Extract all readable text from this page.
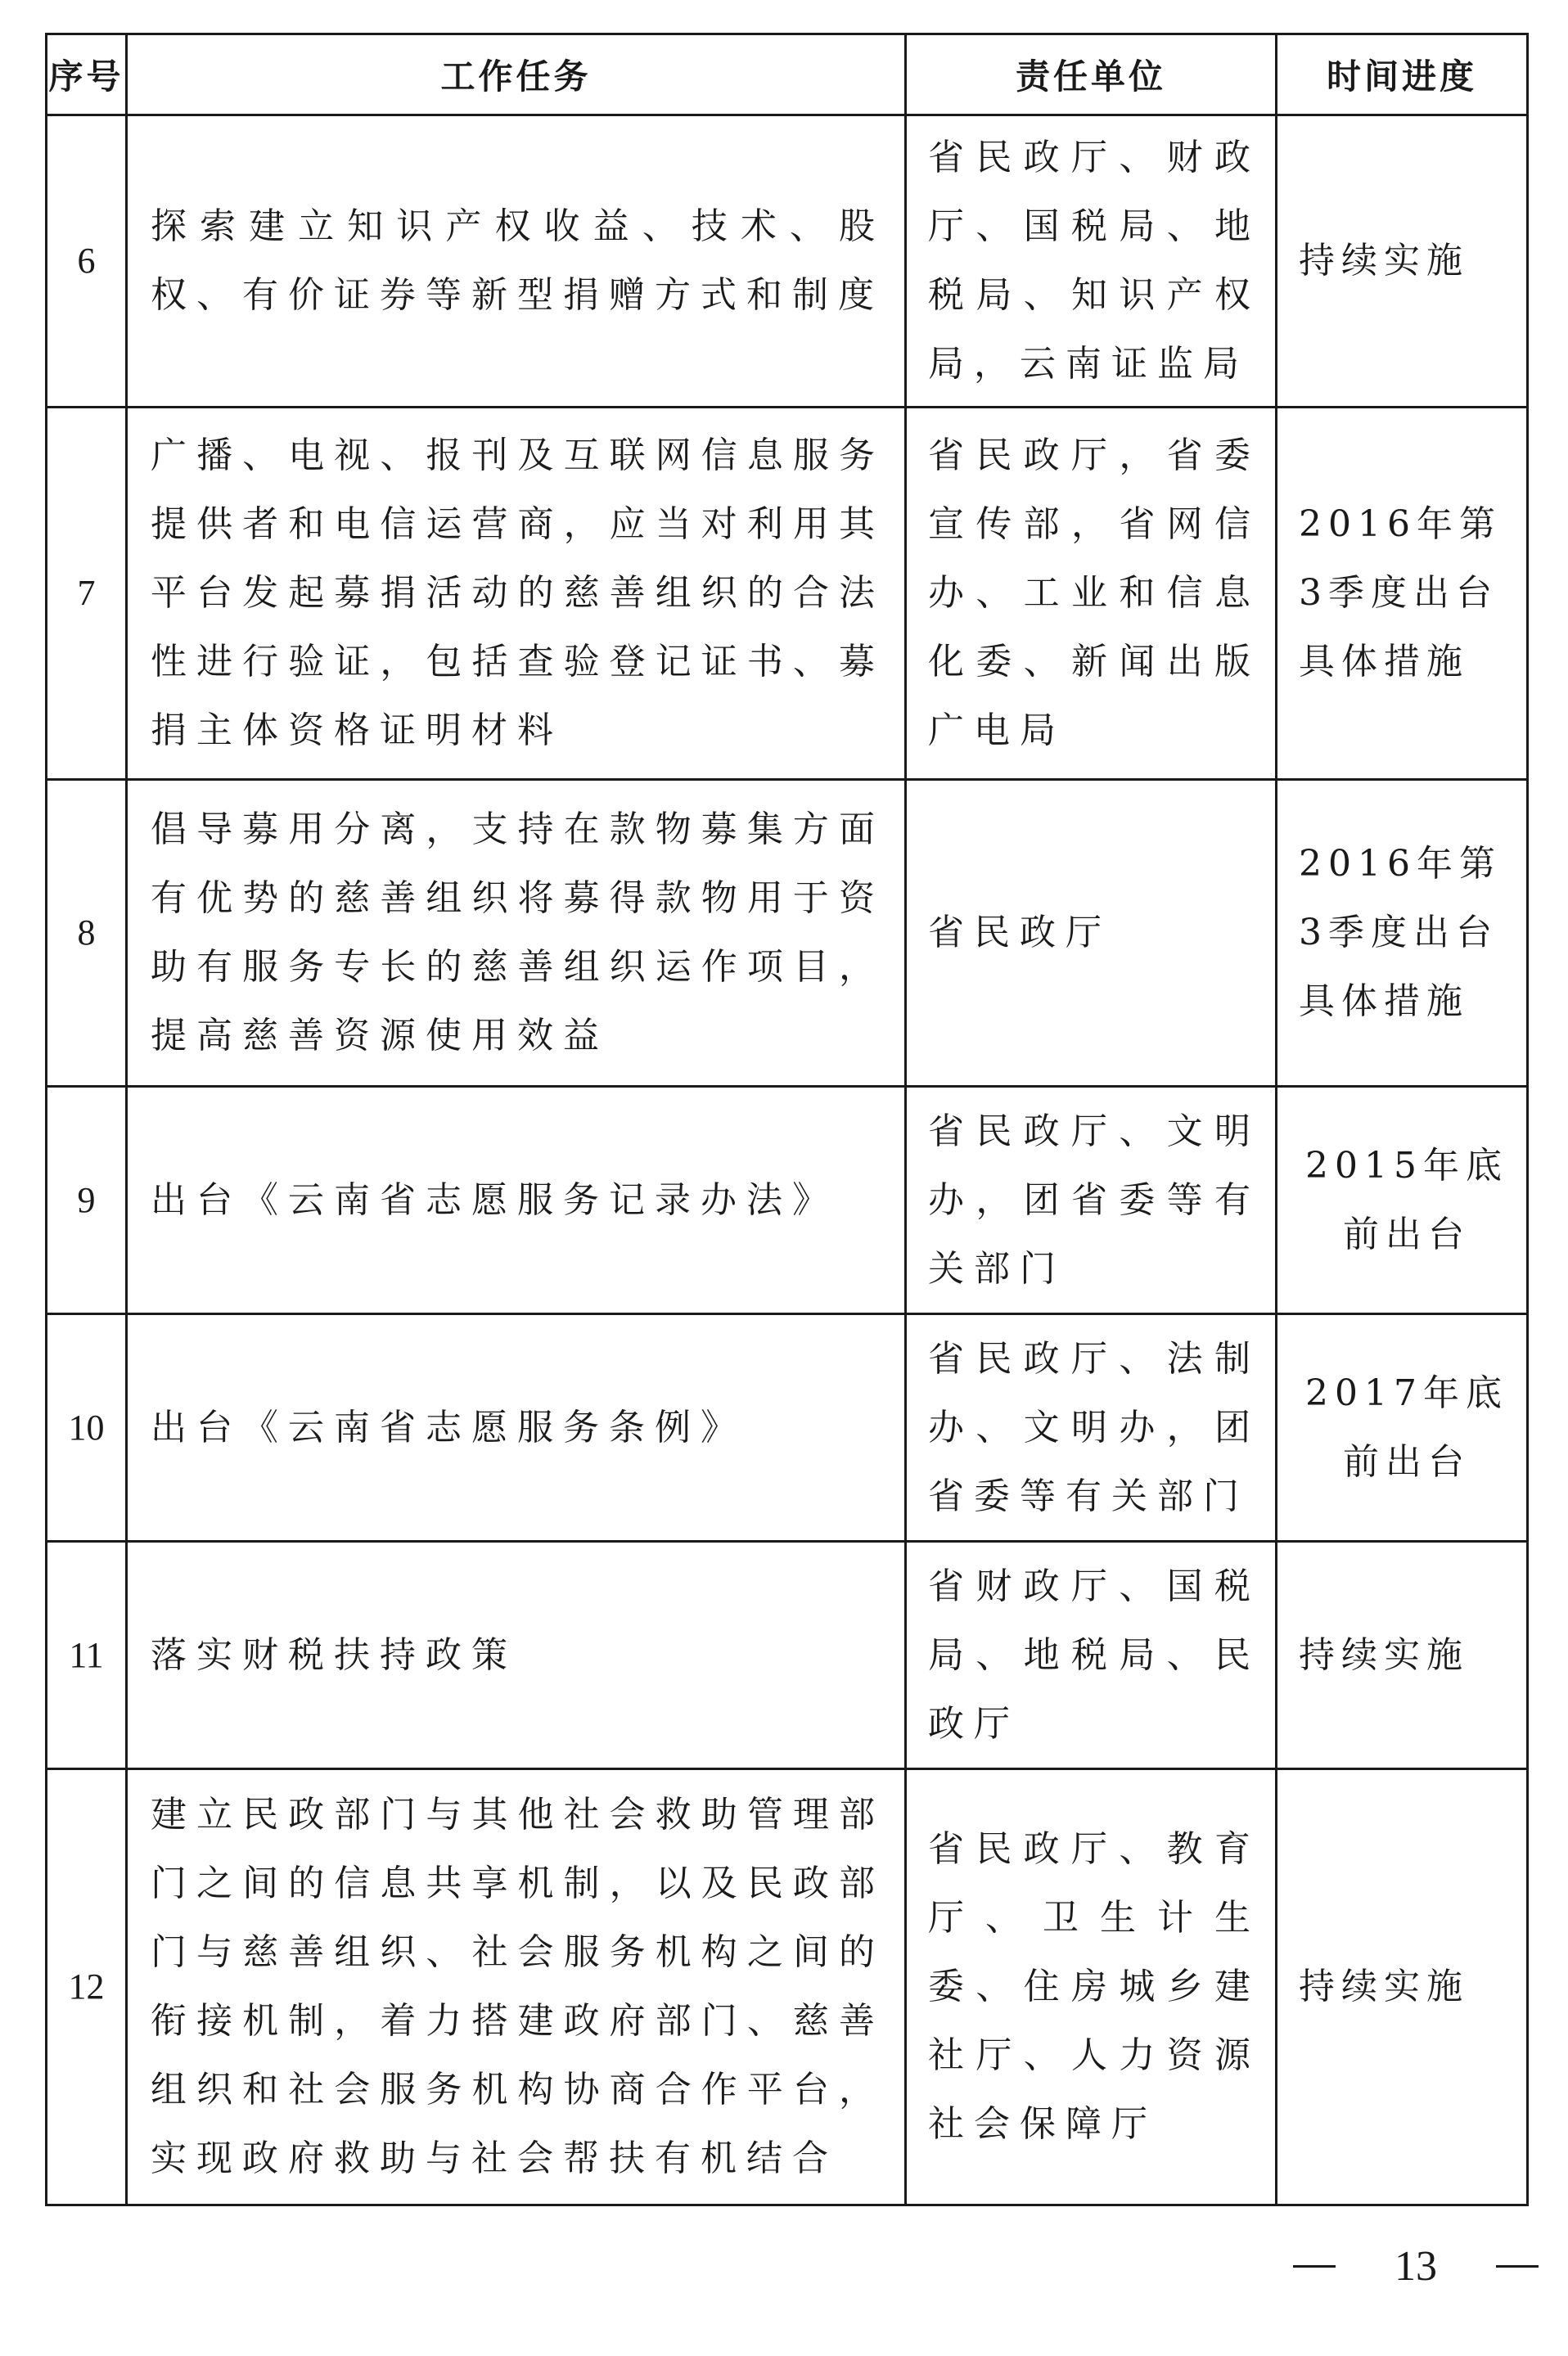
序号	工作任务	责任单位	时间进度
6	探索建立知识产权收益、技术、股权、有价证券等新型捐赠方式和制度	省民政厅、财政厅、国税局、地税局、知识产权局，云南证监局	持续实施
7	广播、电视、报刊及互联网信息服务提供者和电信运营商，应当对利用其平台发起募捐活动的慈善组织的合法性进行验证，包括查验登记证书、募捐主体资格证明材料	省民政厅，省委宣传部，省网信办、工业和信息化委、新闻出版广电局	2016年第3季度出台具体措施
8	倡导募用分离，支持在款物募集方面有优势的慈善组织将募得款物用于资助有服务专长的慈善组织运作项目，提高慈善资源使用效益	省民政厅	2016年第3季度出台具体措施
9	出台《云南省志愿服务记录办法》	省民政厅、文明办，团省委等有关部门	2015年底前出台
10	出台《云南省志愿服务条例》	省民政厅、法制办、文明办，团省委等有关部门	2017年底前出台
11	落实财税扶持政策	省财政厅、国税局、地税局、民政厅	持续实施
12	建立民政部门与其他社会救助管理部门之间的信息共享机制，以及民政部门与慈善组织、社会服务机构之间的衔接机制，着力搭建政府部门、慈善组织和社会服务机构协商合作平台，实现政府救助与社会帮扶有机结合	省民政厅、教育厅、卫生计生委、住房城乡建社厅、人力资源社会保障厅	持续实施
13
